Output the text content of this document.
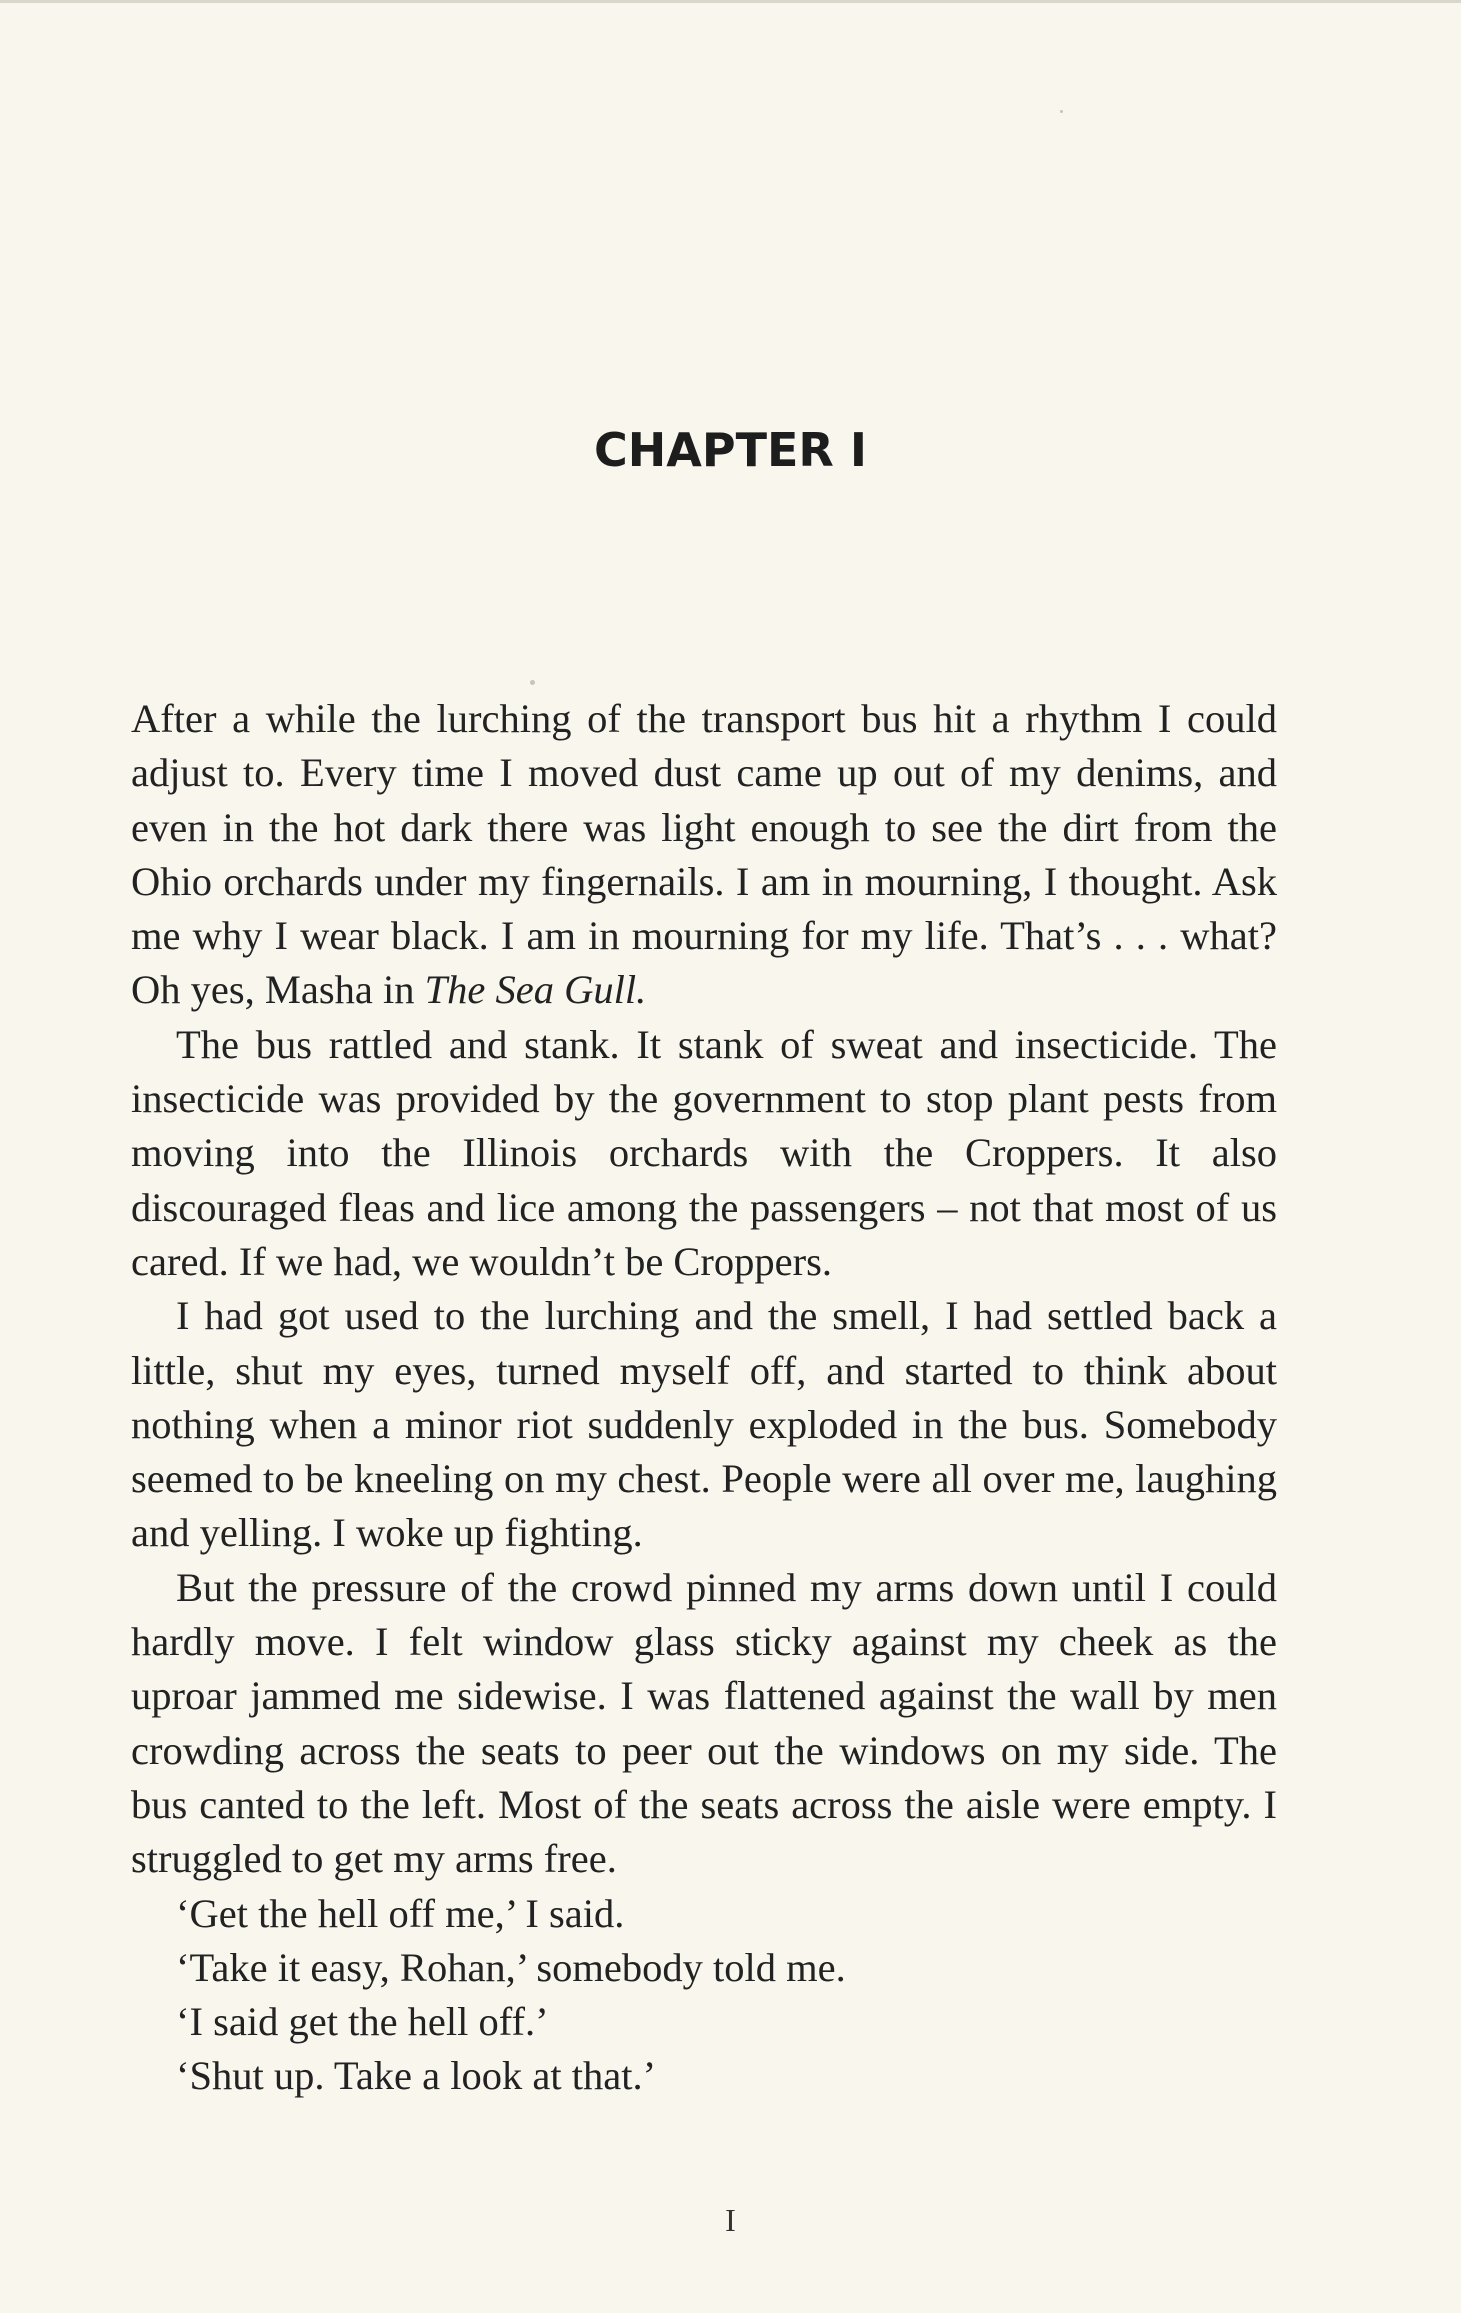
CHAPTER I

After a while the lurching of the transport bus hit a rhythm I could adjust to. Every time I moved dust came up out of my denims, and even in the hot dark there was light enough to see the dirt from the Ohio orchards under my fingernails. I am in mourning, I thought. Ask me why I wear black. I am in mourning for my life. That’s . . . what? Oh yes, Masha in The Sea Gull.

The bus rattled and stank. It stank of sweat and insecticide. The insecticide was provided by the government to stop plant pests from moving into the Illinois orchards with the Croppers. It also discouraged fleas and lice among the passengers – not that most of us cared. If we had, we wouldn’t be Croppers.

I had got used to the lurching and the smell, I had settled back a little, shut my eyes, turned myself off, and started to think about nothing when a minor riot suddenly exploded in the bus. Somebody seemed to be kneeling on my chest. People were all over me, laughing and yelling. I woke up fighting.

But the pressure of the crowd pinned my arms down until I could hardly move. I felt window glass sticky against my cheek as the uproar jammed me sidewise. I was flattened against the wall by men crowding across the seats to peer out the windows on my side. The bus canted to the left. Most of the seats across the aisle were empty. I struggled to get my arms free.

‘Get the hell off me,’ I said.

‘Take it easy, Rohan,’ somebody told me.

‘I said get the hell off.’

‘Shut up. Take a look at that.’

I
